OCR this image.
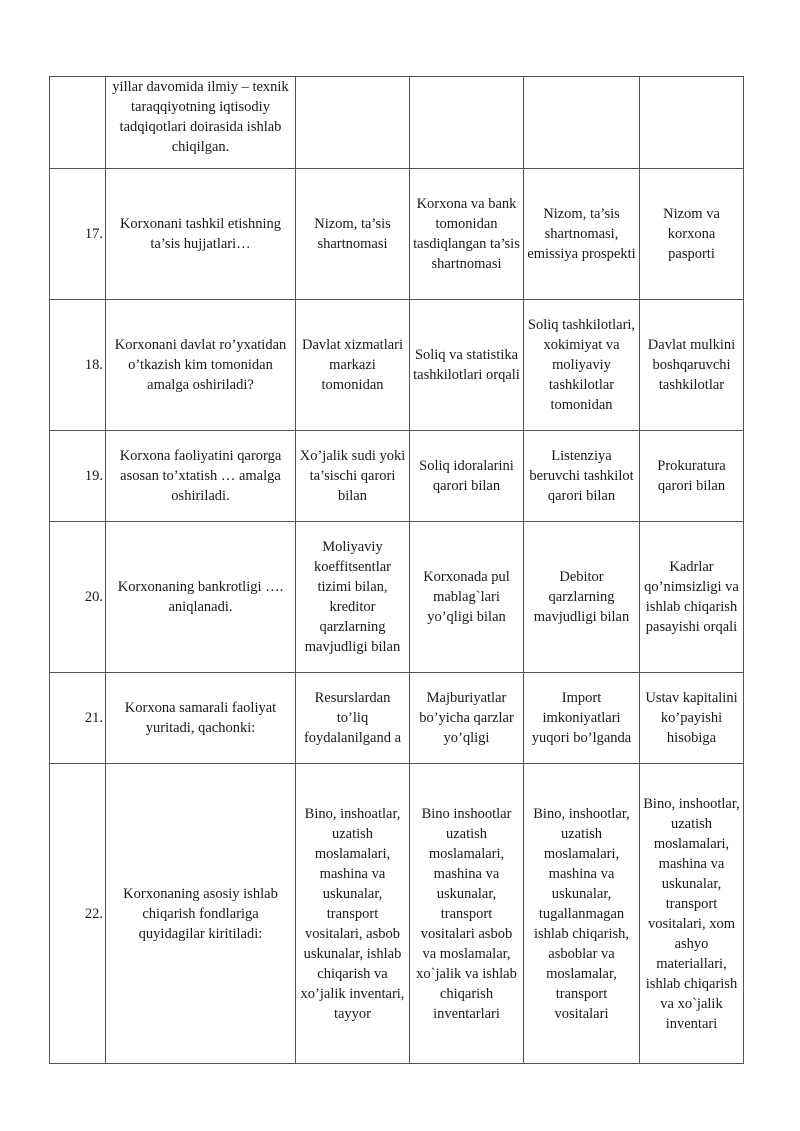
	yillar davomida ilmiy – texnik taraqqiyotning iqtisodiy tadqiqotlari doirasida ishlab chiqilgan.				
17.	Korxonani tashkil etishning ta’sis hujjatlari…	Nizom, ta’sis shartnomasi	Korxona va bank tomonidan tasdiqlangan ta’sis shartnomasi	Nizom, ta’sis shartnomasi, emissiya prospekti	Nizom va korxona pasporti
18.	Korxonani davlat ro’yxatidan o’tkazish kim tomonidan amalga oshiriladi?	Davlat xizmatlari markazi tomonidan	Soliq va statistika tashkilotlari orqali	Soliq tashkilotlari, xokimiyat va moliyaviy tashkilotlar tomonidan	Davlat mulkini boshqaruvchi tashkilotlar
19.	Korxona faoliyatini qarorga asosan to’xtatish … amalga oshiriladi.	Xo’jalik sudi yoki ta’sischi qarori bilan	Soliq idoralarini qarori bilan	Listenziya beruvchi tashkilot qarori bilan	Prokuratura qarori bilan
20.	Korxonaning bankrotligi …. aniqlanadi.	Moliyaviy koeffitsentlar tizimi bilan, kreditor qarzlarning mavjudligi bilan	Korxonada pul mablag`lari yo’qligi bilan	Debitor qarzlarning mavjudligi bilan	Kadrlar qo’nimsizligi va ishlab chiqarish pasayishi orqali
21.	Korxona samarali faoliyat yuritadi, qachonki:	Resurslardan to’liq foydalanilgand a	Majburiyatlar bo’yicha qarzlar yo’qligi	Import imkoniyatlari yuqori bo’lganda	Ustav kapitalini ko’payishi hisobiga
22.	Korxonaning asosiy ishlab chiqarish fondlariga quyidagilar kiritiladi:	Bino, inshoatlar, uzatish moslamalari, mashina va uskunalar, transport vositalari, asbob uskunalar, ishlab chiqarish va xo’jalik inventari, tayyor	Bino inshootlar uzatish moslamalari, mashina va uskunalar, transport vositalari asbob va moslamalar, xo`jalik va ishlab chiqarish inventarlari	Bino, inshootlar, uzatish moslamalari, mashina va uskunalar, tugallanmagan ishlab chiqarish, asboblar va moslamalar, transport vositalari	Bino, inshootlar, uzatish moslamalari, mashina va uskunalar, transport vositalari, xom ashyo materiallari, ishlab chiqarish va xo`jalik inventari
